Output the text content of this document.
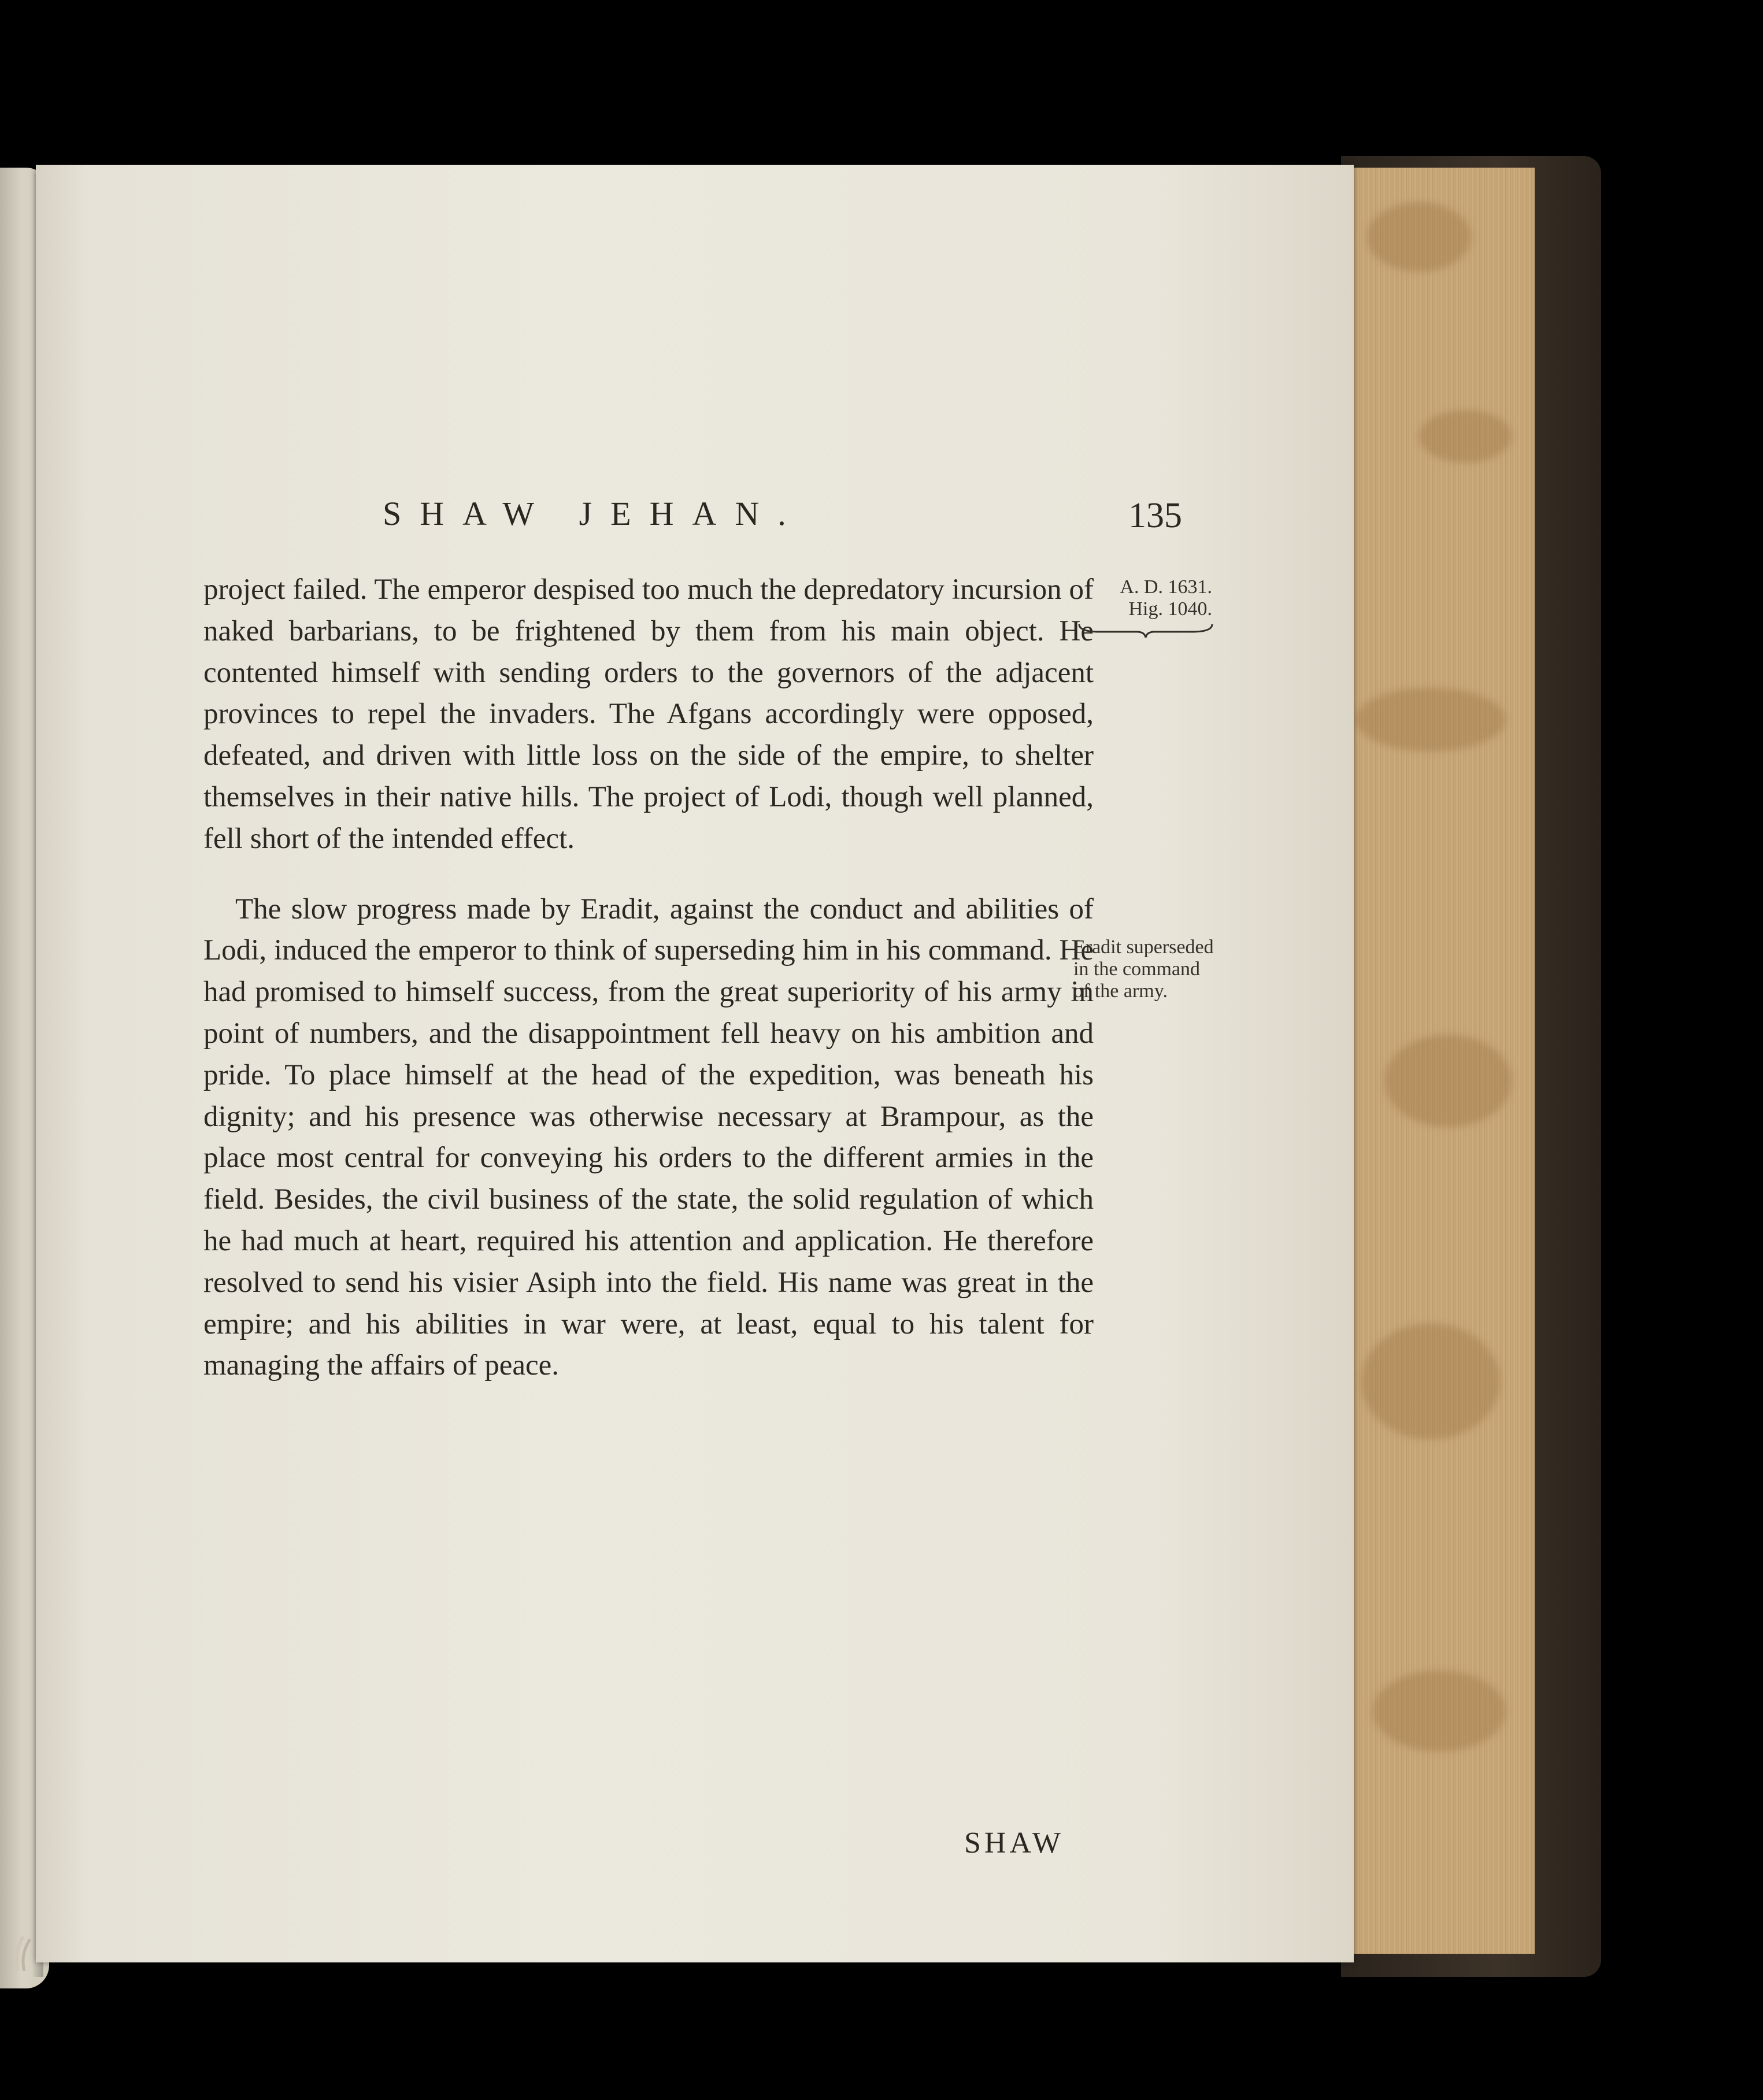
SHAW JEHAN.	135

project failed. The emperor despised too much the depredatory incursion of naked barbarians, to be frightened by them from his main object. He contented himself with sending orders to the governors of the adjacent provinces to repel the invaders. The Afgans accordingly were opposed, defeated, and driven with little loss on the side of the empire, to shelter themselves in their native hills. The project of Lodi, though well planned, fell short of the intended effect.

The slow progress made by Eradit, against the conduct and abilities of Lodi, induced the emperor to think of superseding him in his command. He had promised to himself success, from the great superiority of his army in point of numbers, and the disappointment fell heavy on his ambition and pride. To place himself at the head of the expedition, was beneath his dignity; and his presence was otherwise necessary at Brampour, as the place most central for conveying his orders to the different armies in the field. Besides, the civil business of the state, the solid regulation of which he had much at heart, required his attention and application. He therefore resolved to send his visier Asiph into the field. His name was great in the empire; and his abilities in war were, at least, equal to his talent for managing the affairs of peace.

A. D. 1631.
Hig. 1040.
Eradit superseded in the command of the army.
SHAW
